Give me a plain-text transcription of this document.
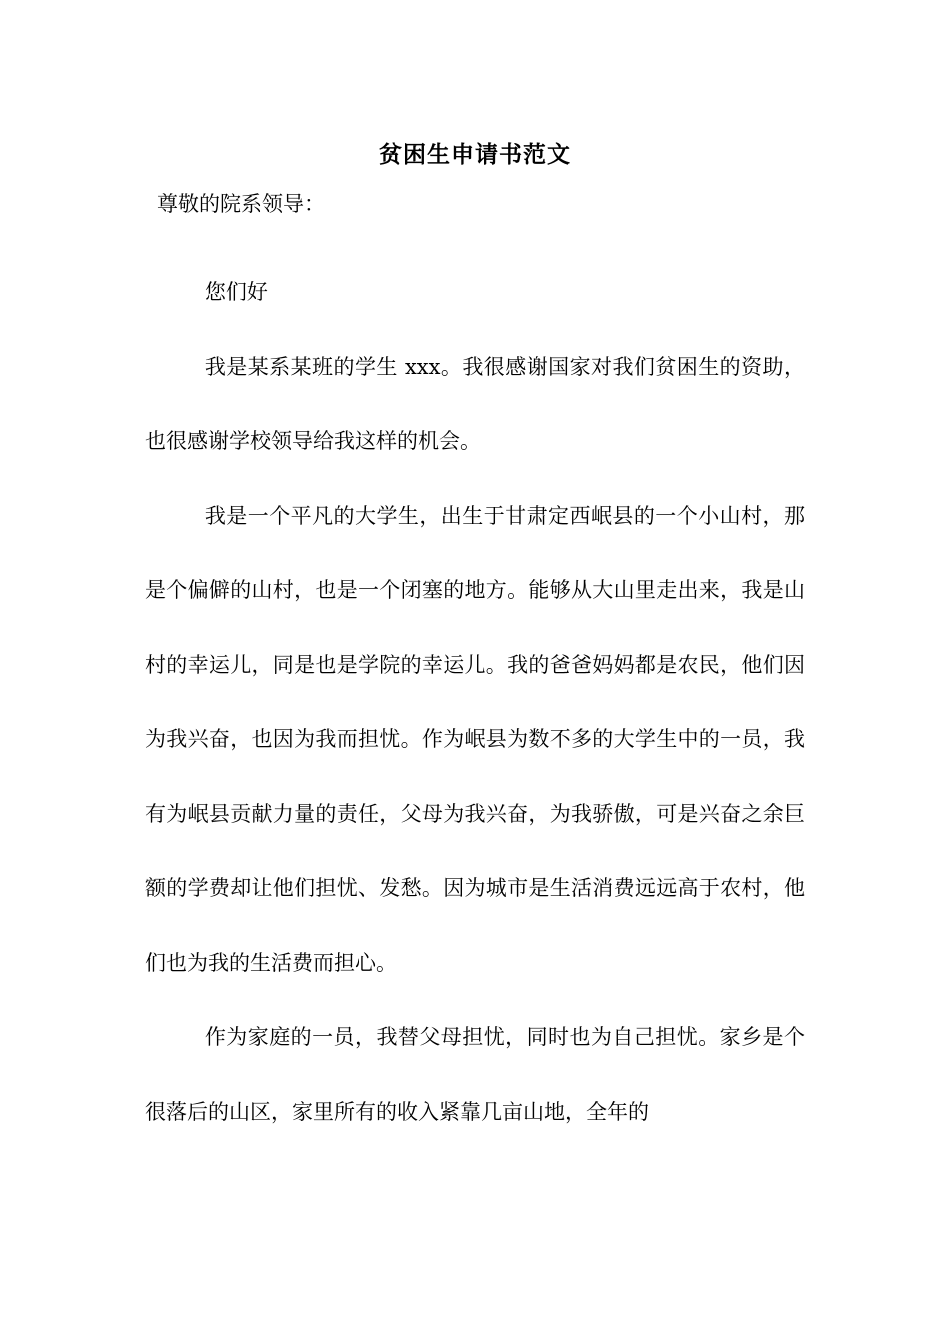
贫困生申请书范文
尊敬的院系领导：

您们好

我是某系某班的学生 xxx。我很感谢国家对我们贫困生的资助，也很感谢学校领导给我这样的机会。

我是一个平凡的大学生，出生于甘肃定西岷县的一个小山村，那是个偏僻的山村，也是一个闭塞的地方。能够从大山里走出来，我是山村的幸运儿，同是也是学院的幸运儿。我的爸爸妈妈都是农民，他们因为我兴奋，也因为我而担忧。作为岷县为数不多的大学生中的一员，我有为岷县贡献力量的责任，父母为我兴奋，为我骄傲，可是兴奋之余巨额的学费却让他们担忧、发愁。因为城市是生活消费远远高于农村，他们也为我的生活费而担心。

作为家庭的一员，我替父母担忧，同时也为自己担忧。家乡是个很落后的山区，家里所有的收入紧靠几亩山地，全年的
